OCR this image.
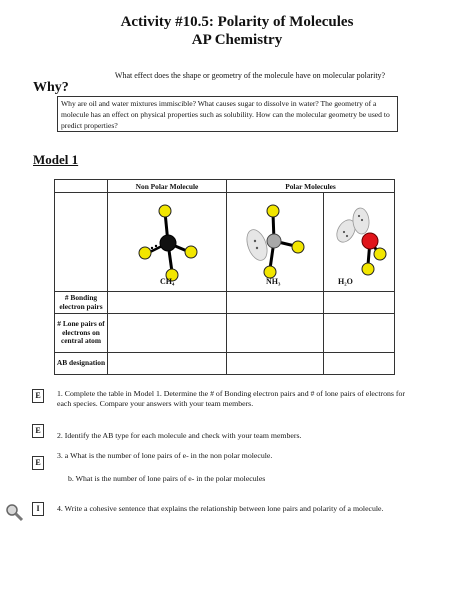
Activity #10.5: Polarity of Molecules
AP Chemistry
What effect does the shape or geometry of the molecule have on molecular polarity?
Why?
Why are oil and water mixtures immiscible? What causes sugar to dissolve in water? The geometry of a molecule has an effect on physical properties such as solubility. How can the molecular geometry be used to predict properties?
Model 1
	Non Polar Molecule	Polar Molecules	

	CH₄	NH₃	H₂O

# Bonding electron pairs			
# Lone pairs of electrons on central atom			
AB designation			
E	1. Complete the table in Model 1. Determine the # of Bonding electron pairs and # of lone pairs of electrons for each species. Compare your answers with your team members.
E
2. Identify the AB type for each molecule and check with your team members.
E
3. a What is the number of lone pairs of e- in the non polar molecule.
b. What is the number of lone pairs of e- in the polar molecules
I	4. Write a cohesive sentence that explains the relationship between lone pairs and polarity of a molecule.
